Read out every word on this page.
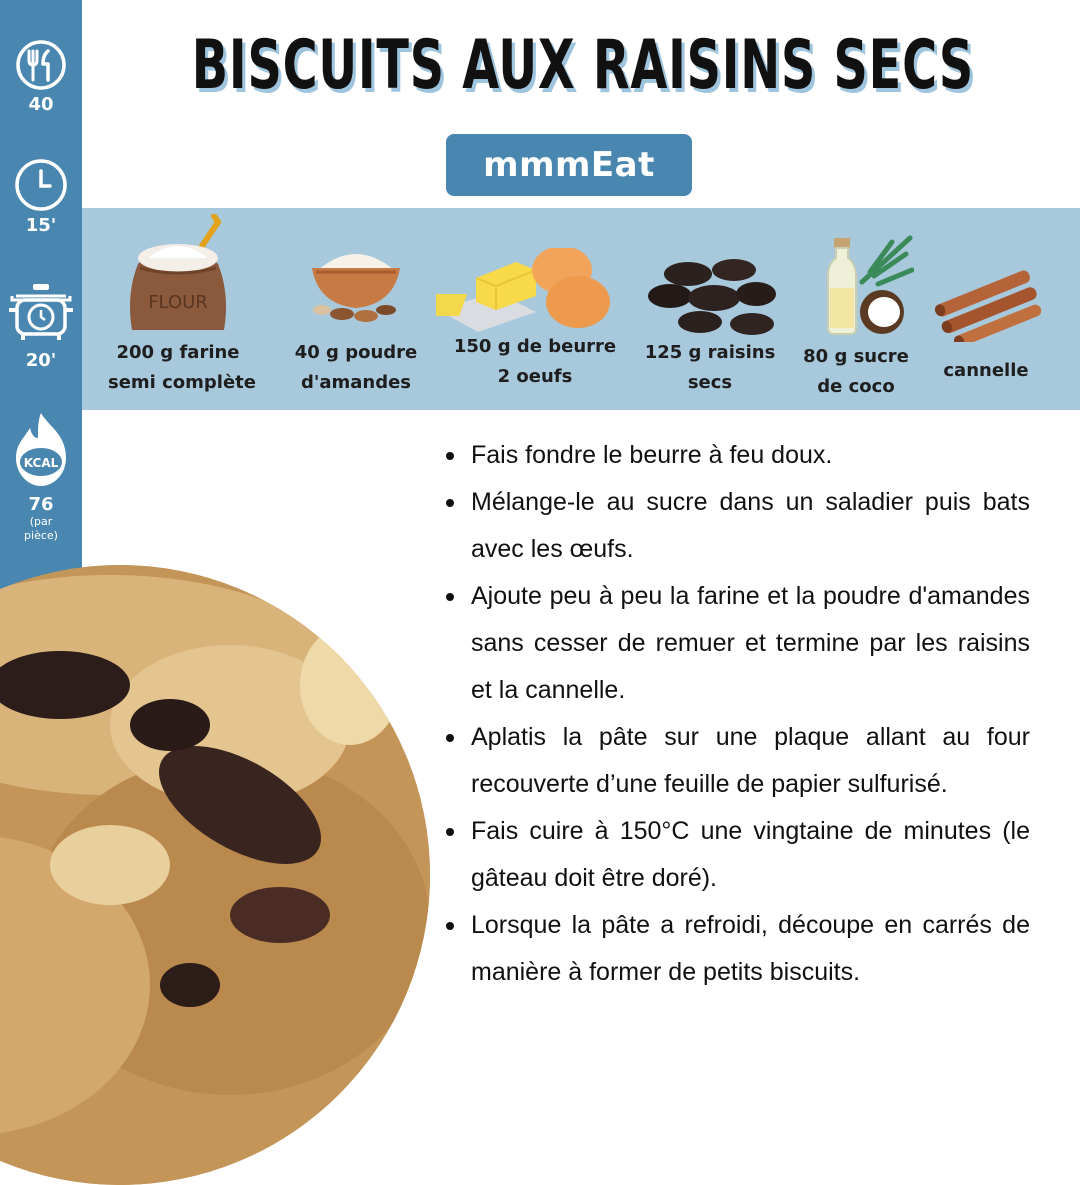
40
15'
20'
KCAL
76
(par
pièce)
BISCUITS AUX RAISINS SECS
mmmEat
FLOUR
200 g farine
semi complète
40 g poudre
d'amandes
150 g de beurre
2 oeufs
125 g raisins
secs
80 g sucre
de coco
cannelle
Fais fondre le beurre à feu doux.
Mélange-le au sucre dans un saladier puis bats avec les œufs.
Ajoute peu à peu la farine et la poudre d'amandes sans cesser de remuer et termine par les raisins et la cannelle.
Aplatis la pâte sur une plaque allant au four recouverte d’une feuille de papier sulfurisé.
Fais cuire à 150°C une vingtaine de minutes (le gâteau doit être doré).
Lorsque la pâte a refroidi, découpe en carrés de manière à former de petits biscuits.
